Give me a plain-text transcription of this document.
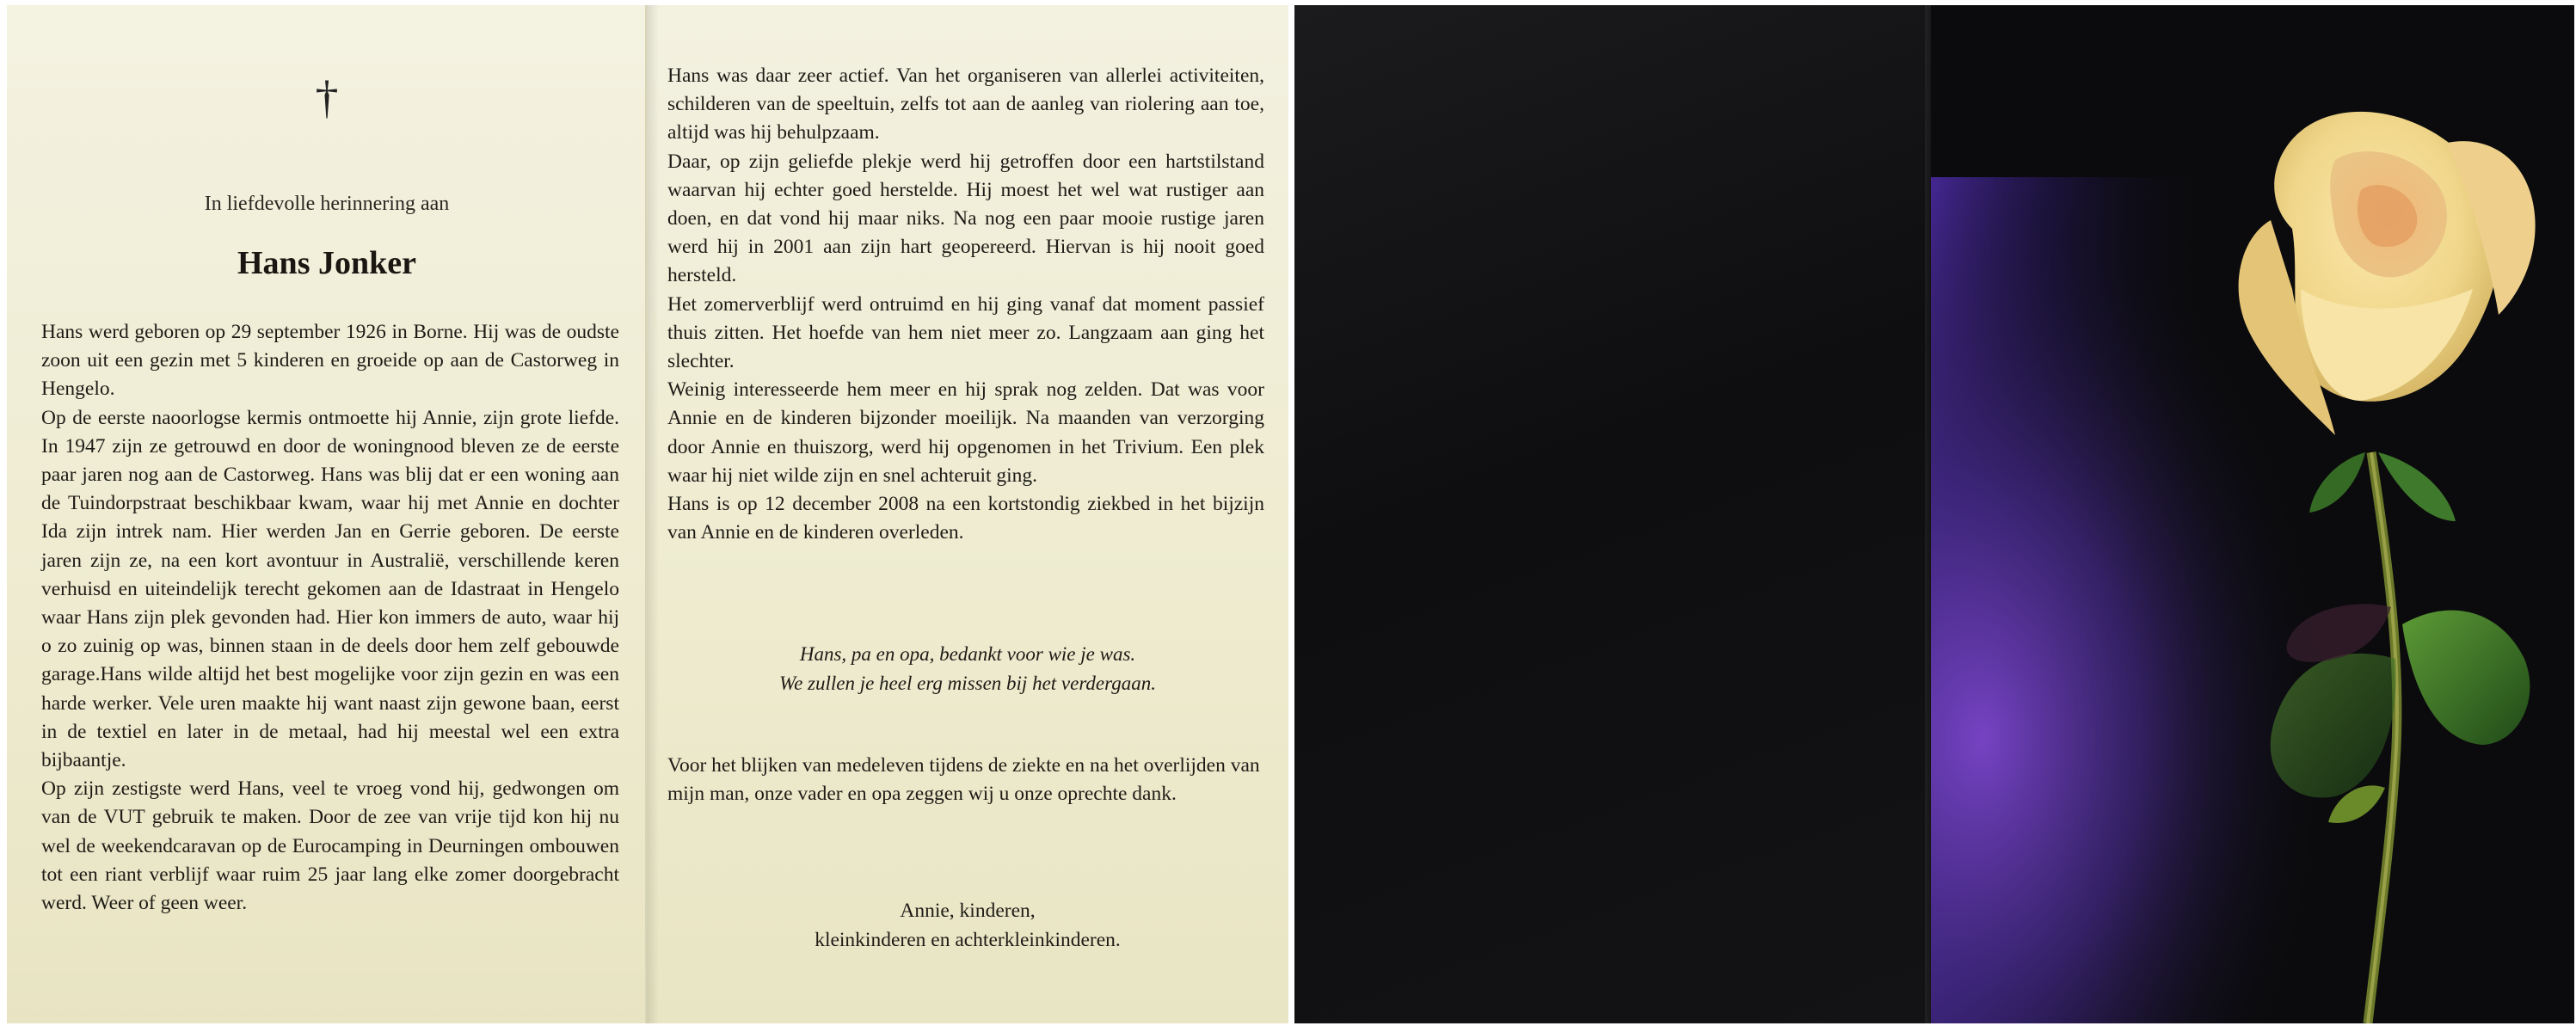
†
In liefdevolle herinnering aan
Hans Jonker

Hans werd geboren op 29 september 1926 in Borne. Hij was de oudste zoon uit een gezin met 5 kinderen en groeide op aan de Castorweg in Hengelo.

Op de eerste naoorlogse kermis ontmoette hij Annie, zijn grote liefde. In 1947 zijn ze getrouwd en door de woningnood bleven ze de eerste paar jaren nog aan de Castorweg. Hans was blij dat er een woning aan de Tuindorpstraat beschikbaar kwam, waar hij met Annie en dochter Ida zijn intrek nam. Hier werden Jan en Gerrie geboren. De eerste jaren zijn ze, na een kort avontuur in Australië, verschillende keren verhuisd en uiteindelijk terecht gekomen aan de Idastraat in Hengelo waar Hans zijn plek gevonden had. Hier kon immers de auto, waar hij o zo zuinig op was, binnen staan in de deels door hem zelf gebouwde garage.Hans wilde altijd het best mogelijke voor zijn gezin en was een harde werker. Vele uren maakte hij want naast zijn gewone baan, eerst in de textiel en later in de metaal, had hij meestal wel een extra bijbaantje.

Op zijn zestigste werd Hans, veel te vroeg vond hij, gedwongen om van de VUT gebruik te maken. Door de zee van vrije tijd kon hij nu wel de weekendcaravan op de Eurocamping in Deurningen ombouwen tot een riant verblijf waar ruim 25 jaar lang elke zomer doorgebracht werd. Weer of geen weer.

Hans was daar zeer actief. Van het organiseren van allerlei activiteiten, schilderen van de speeltuin, zelfs tot aan de aanleg van riolering aan toe, altijd was hij behulpzaam.

Daar, op zijn geliefde plekje werd hij getroffen door een hartstilstand waarvan hij echter goed herstelde. Hij moest het wel wat rustiger aan doen, en dat vond hij maar niks. Na nog een paar mooie rustige jaren werd hij in 2001 aan zijn hart geopereerd. Hiervan is hij nooit goed hersteld.

Het zomerverblijf werd ontruimd en hij ging vanaf dat moment passief thuis zitten. Het hoefde van hem niet meer zo. Langzaam aan ging het slechter.

Weinig interesseerde hem meer en hij sprak nog zelden. Dat was voor Annie en de kinderen bijzonder moeilijk. Na maanden van verzorging door Annie en thuiszorg, werd hij opgenomen in het Trivium. Een plek waar hij niet wilde zijn en snel achteruit ging.

Hans is op 12 december 2008 na een kortstondig ziekbed in het bijzijn van Annie en de kinderen overleden.

Hans, pa en opa, bedankt voor wie je was.
We zullen je heel erg missen bij het verdergaan.
Voor het blijken van medeleven tijdens de ziekte en na het overlijden van mijn man, onze vader en opa zeggen wij u onze oprechte dank.
Annie, kinderen,
kleinkinderen en achterkleinkinderen.
